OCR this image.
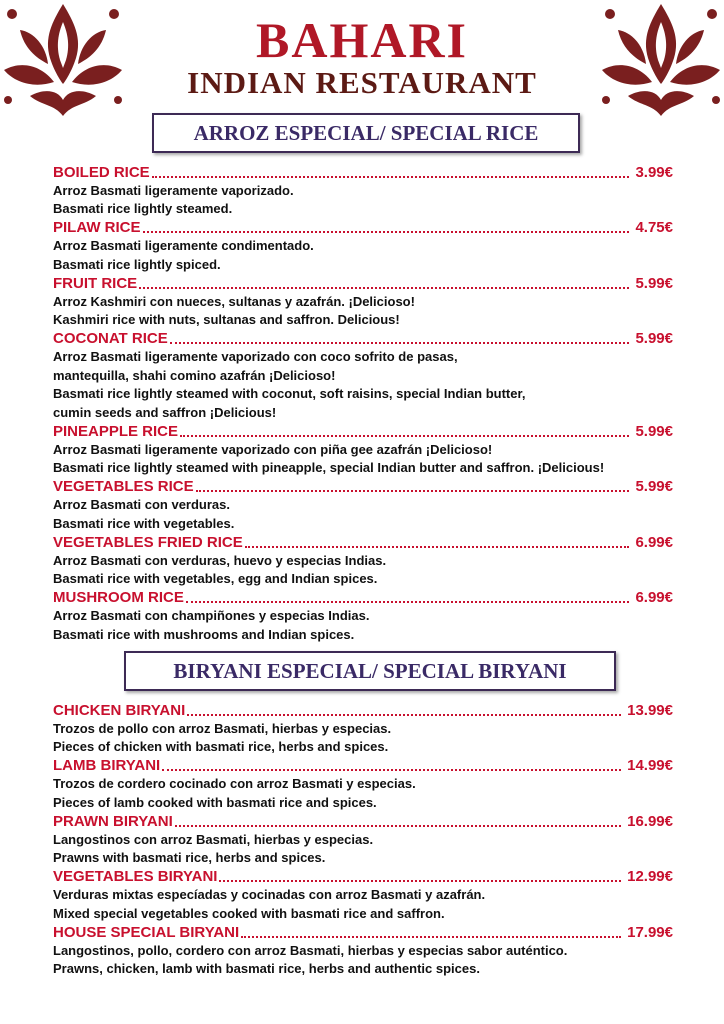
BAHARI
INDIAN RESTAURANT
ARROZ ESPECIAL/ SPECIAL RICE
BOILED RICE	3.99€
Arroz Basmati ligeramente vaporizado.
Basmati rice lightly steamed.
PILAW RICE	4.75€
Arroz Basmati ligeramente condimentado.
Basmati rice lightly spiced.
FRUIT RICE	5.99€
Arroz Kashmiri con nueces, sultanas y azafrán. ¡Delicioso!
Kashmiri rice with nuts, sultanas and saffron. Delicious!
COCONAT RICE	5.99€
Arroz Basmati ligeramente vaporizado con coco sofrito de pasas,
mantequilla, shahi comino azafrán ¡Delicioso!
Basmati rice lightly steamed with coconut, soft raisins, special Indian butter,
cumin seeds and saffron ¡Delicious!
PINEAPPLE RICE	5.99€
Arroz Basmati ligeramente vaporizado con piña gee azafrán ¡Delicioso!
Basmati rice lightly steamed with pineapple, special Indian butter and saffron. ¡Delicious!
VEGETABLES RICE	5.99€
Arroz Basmati con verduras.
Basmati rice with vegetables.
VEGETABLES FRIED RICE	6.99€
Arroz Basmati con verduras, huevo y especias Indias.
Basmati rice with vegetables, egg and Indian spices.
MUSHROOM RICE	6.99€
Arroz Basmati con champiñones y especias Indias.
Basmati rice with mushrooms and Indian spices.
BIRYANI ESPECIAL/ SPECIAL BIRYANI
CHICKEN BIRYANI	13.99€
Trozos de pollo con arroz Basmati, hierbas y especias.
Pieces of chicken with basmati rice, herbs and spices.
LAMB BIRYANI	14.99€
Trozos de cordero cocinado con arroz Basmati y especias.
Pieces of lamb cooked with basmati rice and spices.
PRAWN BIRYANI	16.99€
Langostinos con arroz Basmati, hierbas y especias.
Prawns with basmati rice, herbs and spices.
VEGETABLES BIRYANI	12.99€
Verduras mixtas especíadas y cocinadas con arroz Basmati y azafrán.
Mixed special vegetables cooked with basmati rice and saffron.
HOUSE SPECIAL BIRYANI	17.99€
Langostinos, pollo, cordero con arroz Basmati, hierbas y especias sabor auténtico.
Prawns, chicken, lamb with basmati rice, herbs and authentic spices.
